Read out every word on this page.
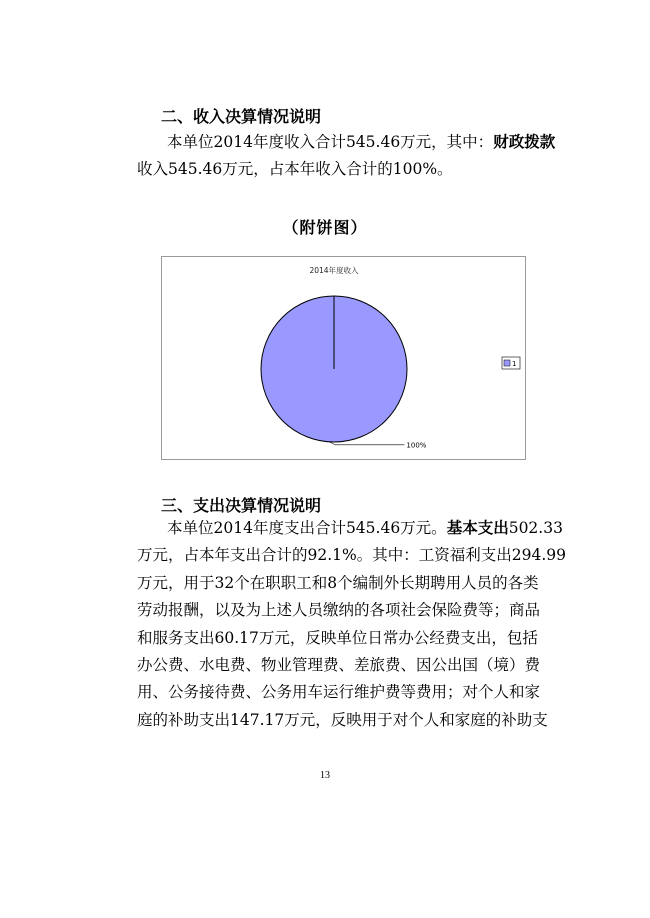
二、收入决算情况说明
本单位2014年度收入合计545.46万元，其中：财政拨款
收入545.46万元，占本年收入合计的100%。
（附饼图）
2014年度收入
100%
1
三、支出决算情况说明
本单位2014年度支出合计545.46万元。基本支出502.33
万元，占本年支出合计的92.1%。其中：工资福利支出294.99
万元，用于32个在职职工和8个编制外长期聘用人员的各类
劳动报酬，以及为上述人员缴纳的各项社会保险费等；商品
和服务支出60.17万元，反映单位日常办公经费支出，包括
办公费、水电费、物业管理费、差旅费、因公出国（境）费
用、公务接待费、公务用车运行维护费等费用；对个人和家
庭的补助支出147.17万元，反映用于对个人和家庭的补助支
13
